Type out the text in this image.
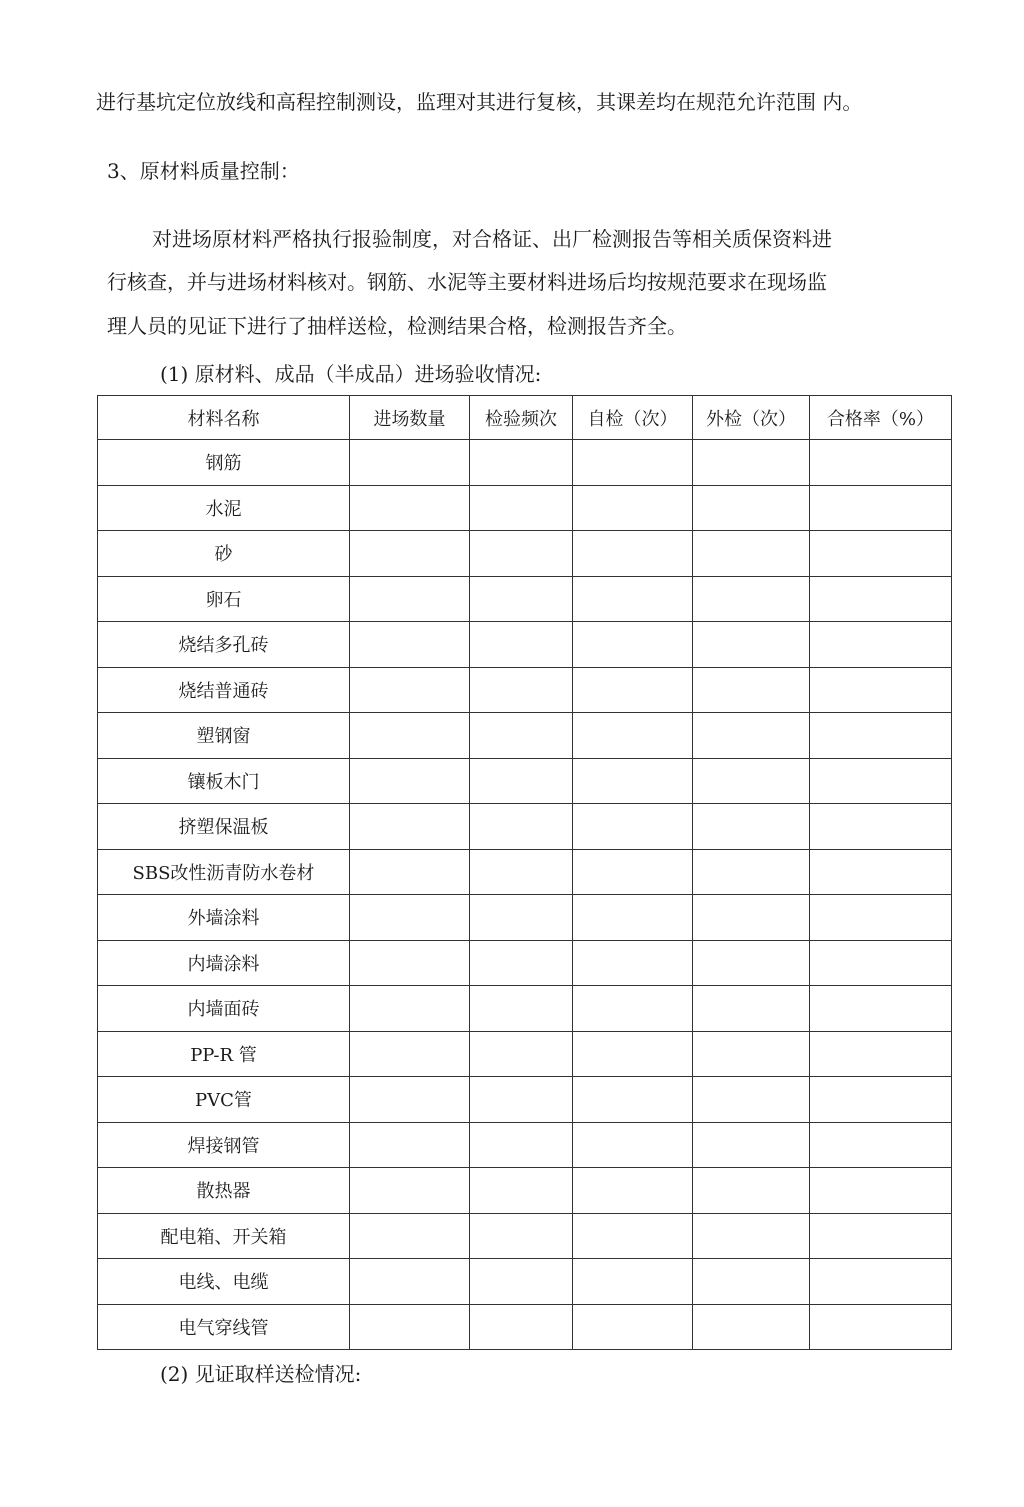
进行基坑定位放线和高程控制测设，监理对其进行复核，其课差均在规范允许范围 内。
3、原材料质量控制：
对进场原材料严格执行报验制度，对合格证、出厂检测报告等相关质保资料进
行核查，并与进场材料核对。钢筋、水泥等主要材料进场后均按规范要求在现场监
理人员的见证下进行了抽样送检，检测结果合格，检测报告齐全。
(1) 原材料、成品（半成品）进场验收情况:
材料名称	进场数量	检验频次	自检（次）	外检（次）	合格率（%）
钢筋					
水泥					
砂					
卵石					
烧结多孔砖					
烧结普通砖					
塑钢窗					
镶板木门					
挤塑保温板					
SBS改性沥青防水卷材					
外墙涂料					
内墙涂料					
内墙面砖					
PP-R 管					
PVC管					
焊接钢管					
散热器					
配电箱、开关箱					
电线、电缆					
电气穿线管					
(2) 见证取样送检情况:
